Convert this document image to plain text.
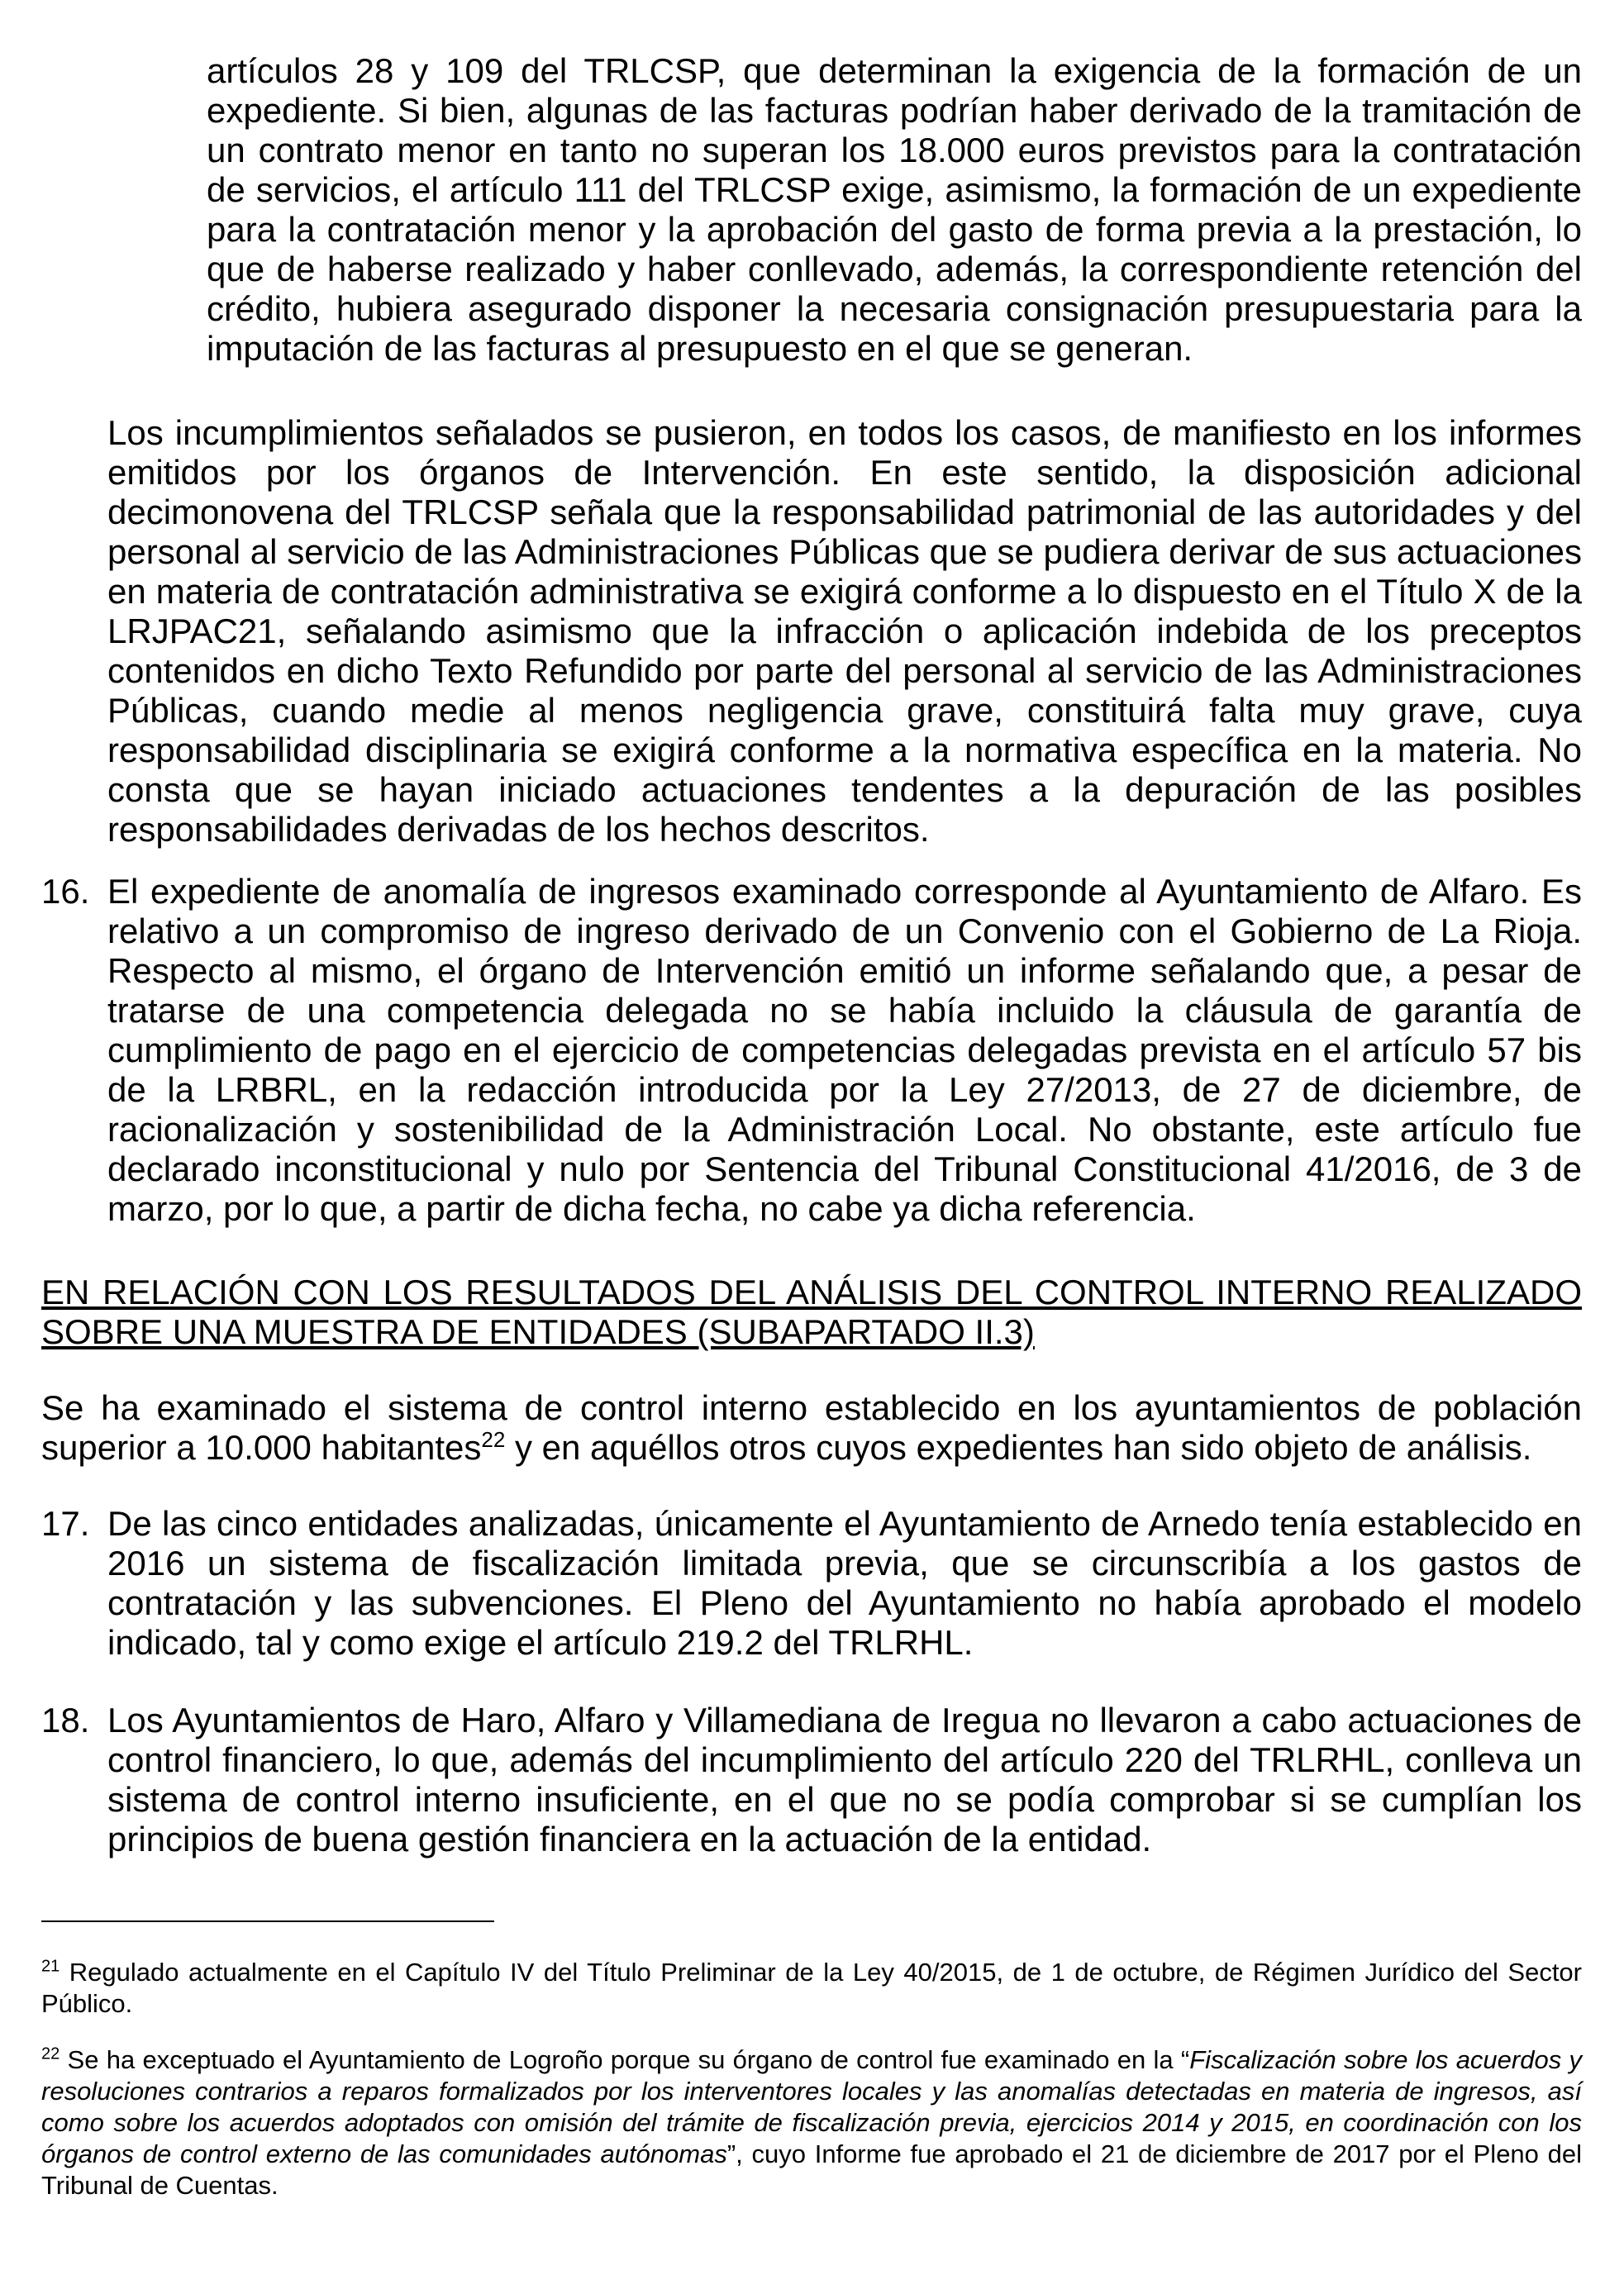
artículos 28 y 109 del TRLCSP, que determinan la exigencia de la formación de un expediente. Si bien, algunas de las facturas podrían haber derivado de la tramitación de un contrato menor en tanto no superan los 18.000 euros previstos para la contratación de servicios, el artículo 111 del TRLCSP exige, asimismo, la formación de un expediente para la contratación menor y la aprobación del gasto de forma previa a la prestación, lo que de haberse realizado y haber conllevado, además, la correspondiente retención del crédito, hubiera asegurado disponer la necesaria consignación presupuestaria para la imputación de las facturas al presupuesto en el que se generan.

Los incumplimientos señalados se pusieron, en todos los casos, de manifiesto en los informes emitidos por los órganos de Intervención. En este sentido, la disposición adicional decimonovena del TRLCSP señala que la responsabilidad patrimonial de las autoridades y del personal al servicio de las Administraciones Públicas que se pudiera derivar de sus actuaciones en materia de contratación administrativa se exigirá conforme a lo dispuesto en el Título X de la LRJPAC21, señalando asimismo que la infracción o aplicación indebida de los preceptos contenidos en dicho Texto Refundido por parte del personal al servicio de las Administraciones Públicas, cuando medie al menos negligencia grave, constituirá falta muy grave, cuya responsabilidad disciplinaria se exigirá conforme a la normativa específica en la materia. No consta que se hayan iniciado actuaciones tendentes a la depuración de las posibles responsabilidades derivadas de los hechos descritos.

16. El expediente de anomalía de ingresos examinado corresponde al Ayuntamiento de Alfaro. Es relativo a un compromiso de ingreso derivado de un Convenio con el Gobierno de La Rioja. Respecto al mismo, el órgano de Intervención emitió un informe señalando que, a pesar de tratarse de una competencia delegada no se había incluido la cláusula de garantía de cumplimiento de pago en el ejercicio de competencias delegadas prevista en el artículo 57 bis de la LRBRL, en la redacción introducida por la Ley 27/2013, de 27 de diciembre, de racionalización y sostenibilidad de la Administración Local. No obstante, este artículo fue declarado inconstitucional y nulo por Sentencia del Tribunal Constitucional 41/2016, de 3 de marzo, por lo que, a partir de dicha fecha, no cabe ya dicha referencia.

EN RELACIÓN CON LOS RESULTADOS DEL ANÁLISIS DEL CONTROL INTERNO REALIZADO SOBRE UNA MUESTRA DE ENTIDADES (SUBAPARTADO II.3)

Se ha examinado el sistema de control interno establecido en los ayuntamientos de población superior a 10.000 habitantes$^{22}$ y en aquéllos otros cuyos expedientes han sido objeto de análisis.

17. De las cinco entidades analizadas, únicamente el Ayuntamiento de Arnedo tenía establecido en 2016 un sistema de fiscalización limitada previa, que se circunscribía a los gastos de contratación y las subvenciones. El Pleno del Ayuntamiento no había aprobado el modelo indicado, tal y como exige el artículo 219.2 del TRLRHL.

18. Los Ayuntamientos de Haro, Alfaro y Villamediana de Iregua no llevaron a cabo actuaciones de control financiero, lo que, además del incumplimiento del artículo 220 del TRLRHL, conlleva un sistema de control interno insuficiente, en el que no se podía comprobar si se cumplían los principios de buena gestión financiera en la actuación de la entidad.

$^{21}$ Regulado actualmente en el Capítulo IV del Título Preliminar de la Ley 40/2015, de 1 de octubre, de Régimen Jurídico del Sector Público.

$^{22}$ Se ha exceptuado el Ayuntamiento de Logroño porque su órgano de control fue examinado en la “Fiscalización sobre los acuerdos y resoluciones contrarios a reparos formalizados por los interventores locales y las anomalías detectadas en materia de ingresos, así como sobre los acuerdos adoptados con omisión del trámite de fiscalización previa, ejercicios 2014 y 2015, en coordinación con los órganos de control externo de las comunidades autónomas”, cuyo Informe fue aprobado el 21 de diciembre de 2017 por el Pleno del Tribunal de Cuentas.
